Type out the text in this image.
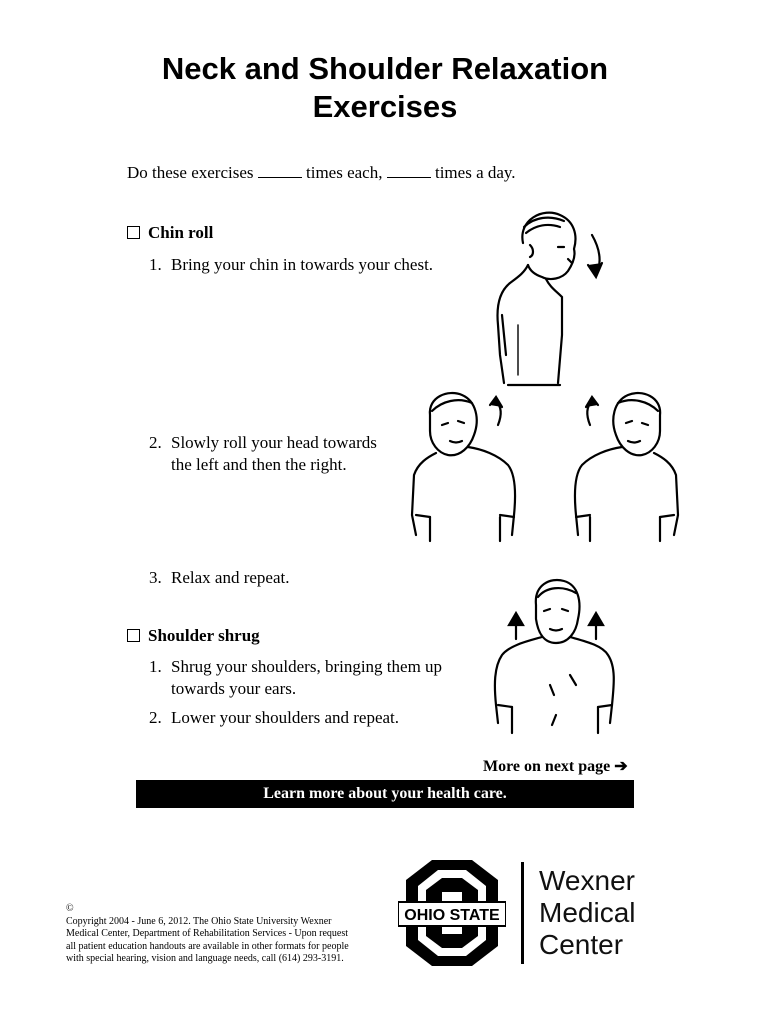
Neck and Shoulder Relaxation
Exercises
Do these exercises	times each,	times a day.
Chin roll
1. Bring your chin in towards your chest.
2. Slowly roll your head towards
the left and then the right.
3. Relax and repeat.
Shoulder shrug
1. Shrug your shoulders, bringing them up
towards your ears.
2. Lower your shoulders and repeat.
More on next page ➔
Learn more about your health care.
©Copyright 2004 - June 6, 2012. The Ohio State University Wexner Medical Center, Department of Rehabilitation Services - Upon request all patient education handouts are available in other formats for people with special hearing, vision and language needs, call (614) 293-3191.
OHIO STATE
Wexner
Medical
Center
